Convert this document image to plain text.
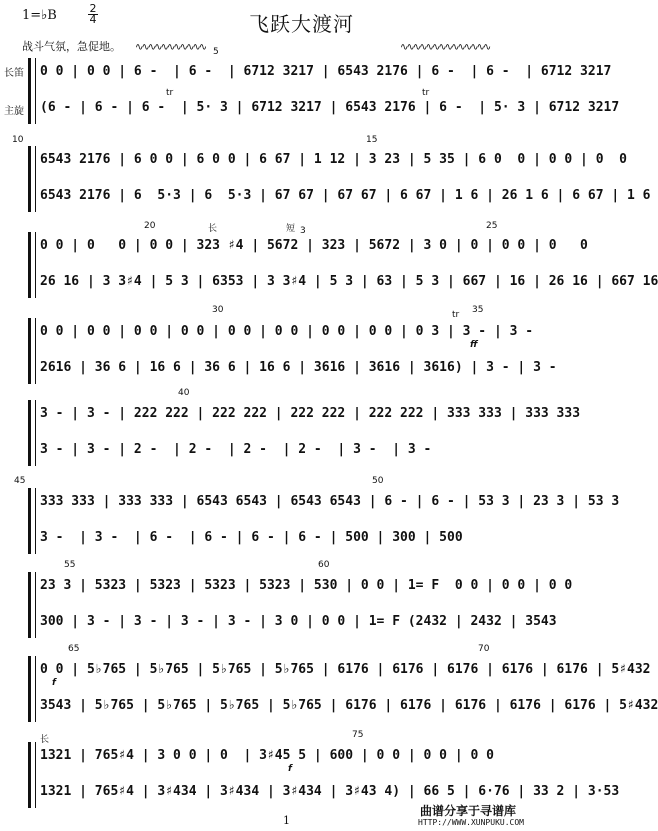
1=♭B	2
4	飞跃大渡河
战斗气氛，急促地。 ∿∿∿∿∿∿∿∿∿∿∿	∿∿∿∿∿∿∿∿∿∿∿∿∿∿
长笛
主旋
5
tr	tr
0 0 | 0 0 | 6 -  | 6 -  | 6712 3217 | 6543 2176 | 6 -  | 6 -  | 6712 3217
(6 - | 6 - | 6 -  | 5· 3 | 6712 3217 | 6543 2176 | 6 -  | 5· 3 | 6712 3217
10	15
6543 2176 | 6 0 0 | 6 0 0 | 6 67 | 1 12 | 3 23 | 5 35 | 6 0  0 | 0 0 | 0  0
6543 2176 | 6  5·3 | 6  5·3 | 67 67 | 67 67 | 6 67 | 1 6 | 26 1 6 | 6 67 | 1 6
20	25
长	短 3
0 0 | 0   0 | 0 0 | 323 ♯4 | 5672 | 323 | 5672 | 3 0 | 0 | 0 0 | 0   0
26 16 | 3 3♯4 | 5 3 | 6353 | 3 3♯4 | 5 3 | 63 | 5 3 | 667 | 16 | 26 16 | 667 16
30	35
tr
ff
0 0 | 0 0 | 0 0 | 0 0 | 0 0 | 0 0 | 0 0 | 0 0 | 0 3 | 3 - | 3 -
2616 | 36 6 | 16 6 | 36 6 | 16 6 | 3616 | 3616 | 3616) | 3 - | 3 -
40
3 - | 3 - | 222 222 | 222 222 | 222 222 | 222 222 | 333 333 | 333 333
3 - | 3 - | 2 -  | 2 -  | 2 -  | 2 -  | 3 -  | 3 -
45	50
333 333 | 333 333 | 6543 6543 | 6543 6543 | 6 - | 6 - | 53 3 | 23 3 | 53 3
3 -  | 3 -  | 6 -  | 6 - | 6 - | 6 - | 500 | 300 | 500
55	60
23 3 | 5323 | 5323 | 5323 | 5323 | 530 | 0 0 | 1= F  0 0 | 0 0 | 0 0
300 | 3 - | 3 - | 3 - | 3 - | 3 0 | 0 0 | 1= F (2432 | 2432 | 3543
65	70
f
0 0 | 5♭765 | 5♭765 | 5♭765 | 5♭765 | 6176 | 6176 | 6176 | 6176 | 6176 | 5♯432
3543 | 5♭765 | 5♭765 | 5♭765 | 5♭765 | 6176 | 6176 | 6176 | 6176 | 6176 | 5♯432
75
长
f
1321 | 765♯4 | 3 0 0 | 0  | 3♯45 5 | 600 | 0 0 | 0 0 | 0 0
1321 | 765♯4 | 3♯434 | 3♯434 | 3♯434 | 3♯43 4) | 66 5 | 6·76 | 33 2 | 3·53
1
曲谱分享于寻谱库
HTTP://WWW.XUNPUKU.COM
